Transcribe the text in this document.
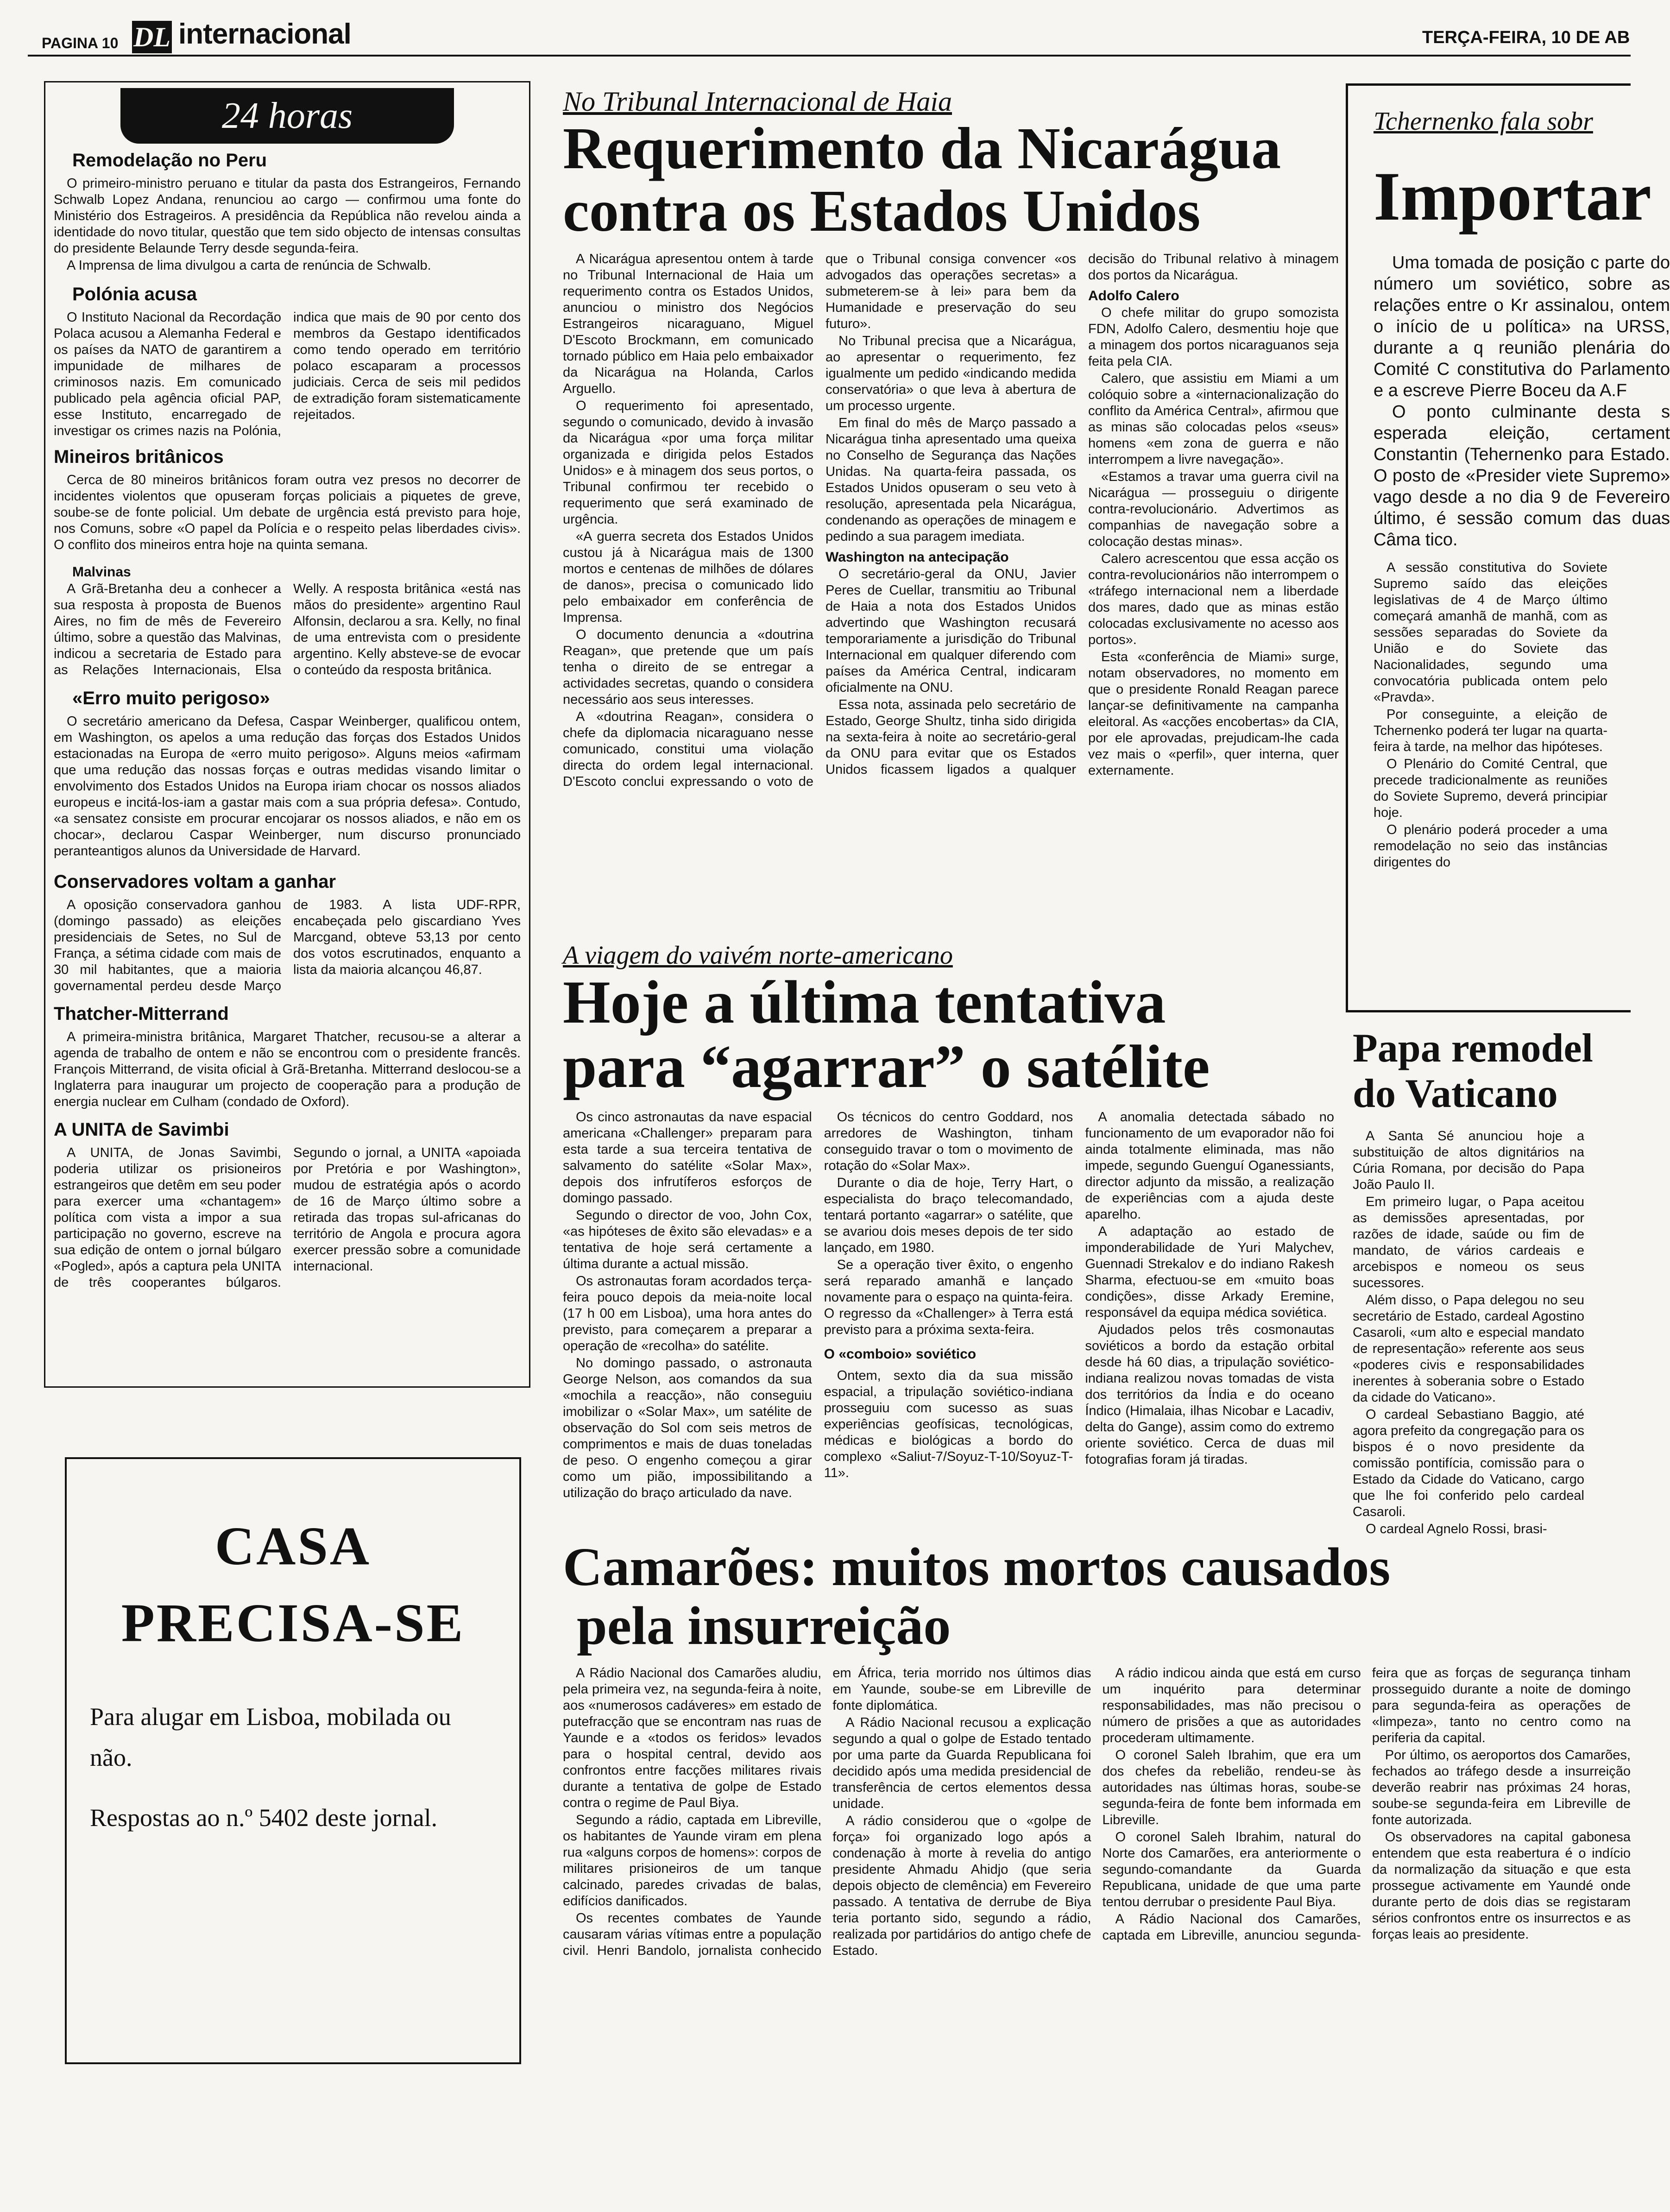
PAGINA 10 DL internacional	TERÇA-FEIRA, 10 DE AB
24 horas
Remodelação no Peru

O primeiro-ministro peruano e titular da pasta dos Estrangeiros, Fernando Schwalb Lopez Andana, renunciou ao cargo — confirmou uma fonte do Ministério dos Estrageiros. A presidência da República não revelou ainda a identidade do novo titular, questão que tem sido objecto de intensas consultas do presidente Belaunde Terry desde segunda-feira.

A Imprensa de lima divulgou a carta de renúncia de Schwalb.

Polónia acusa

O Instituto Nacional da Recordação Polaca acusou a Alemanha Federal e os países da NATO de garantirem a impunidade de milhares de criminosos nazis. Em comunicado publicado pela agência oficial PAP, esse Instituto, encarregado de investigar os crimes nazis na Polónia, indica que mais de 90 por cento dos membros da Gestapo identificados como tendo operado em território polaco escaparam a processos judiciais. Cerca de seis mil pedidos de extradição foram sistematicamente rejeitados.

Mineiros britânicos

Cerca de 80 mineiros britânicos foram outra vez presos no decorrer de incidentes violentos que opuseram forças policiais a piquetes de greve, soube-se de fonte policial. Um debate de urgência está previsto para hoje, nos Comuns, sobre «O papel da Polícia e o respeito pelas liberdades civis». O conflito dos mineiros entra hoje na quinta semana.

Malvinas

A Grã-Bretanha deu a conhecer a sua resposta à proposta de Buenos Aires, no fim de mês de Fevereiro último, sobre a questão das Malvinas, indicou a secretaria de Estado para as Relações Internacionais, Elsa Welly. A resposta britânica «está nas mãos do presidente» argentino Raul Alfonsin, declarou a sra. Kelly, no final de uma entrevista com o presidente argentino. Kelly absteve-se de evocar o conteúdo da resposta britânica.

«Erro muito perigoso»

O secretário americano da Defesa, Caspar Weinberger, qualificou ontem, em Washington, os apelos a uma redução das forças dos Estados Unidos estacionadas na Europa de «erro muito perigoso». Alguns meios «afirmam que uma redução das nossas forças e outras medidas visando limitar o envolvimento dos Estados Unidos na Europa iriam chocar os nossos aliados europeus e incitá-los-iam a gastar mais com a sua própria defesa». Contudo, «a sensatez consiste em procurar encojarar os nossos aliados, e não em os chocar», declarou Caspar Weinberger, num discurso pronunciado peranteantigos alunos da Universidade de Harvard.

Conservadores voltam a ganhar

A oposição conservadora ganhou (domingo passado) as eleições presidenciais de Setes, no Sul de França, a sétima cidade com mais de 30 mil habitantes, que a maioria governamental perdeu desde Março de 1983. A lista UDF-RPR, encabeçada pelo giscardiano Yves Marcgand, obteve 53,13 por cento dos votos escrutinados, enquanto a lista da maioria alcançou 46,87.

Thatcher-Mitterrand

A primeira-ministra britânica, Margaret Thatcher, recusou-se a alterar a agenda de trabalho de ontem e não se encontrou com o presidente francês. François Mitterrand, de visita oficial à Grã-Bretanha. Mitterrand deslocou-se a Inglaterra para inaugurar um projecto de cooperação para a produção de energia nuclear em Culham (condado de Oxford).

A UNITA de Savimbi

A UNITA, de Jonas Savimbi, poderia utilizar os prisioneiros estrangeiros que detêm em seu poder para exercer uma «chantagem» política com vista a impor a sua participação no governo, escreve na sua edição de ontem o jornal búlgaro «Pogled», após a captura pela UNITA de três cooperantes búlgaros. Segundo o jornal, a UNITA «apoiada por Pretória e por Washington», mudou de estratégia após o acordo de 16 de Março último sobre a retirada das tropas sul-africanas do território de Angola e procura agora exercer pressão sobre a comunidade internacional.

CASA
PRECISA-SE
Para alugar em Lisboa, mobilada ou não.
Respostas ao n.º 5402 deste jornal.
No Tribunal Internacional de Haia
Requerimento da Nicarágua
contra os Estados Unidos

A Nicarágua apresentou ontem à tarde no Tribunal Internacional de Haia um requerimento contra os Estados Unidos, anunciou o ministro dos Negócios Estrangeiros nicaraguano, Miguel D'Escoto Brockmann, em comunicado tornado público em Haia pelo embaixador da Nicarágua na Holanda, Carlos Arguello.

O requerimento foi apresentado, segundo o comunicado, devido à invasão da Nicarágua «por uma força militar organizada e dirigida pelos Estados Unidos» e à minagem dos seus portos, o Tribunal confirmou ter recebido o requerimento que será examinado de urgência.

«A guerra secreta dos Estados Unidos custou já à Nicarágua mais de 1300 mortos e centenas de milhões de dólares de danos», precisa o comunicado lido pelo embaixador em conferência de Imprensa.

O documento denuncia a «doutrina Reagan», que pretende que um país tenha o direito de se entregar a actividades secretas, quando o considera necessário aos seus interesses.

A «doutrina Reagan», considera o chefe da diplomacia nicaraguano nesse comunicado, constitui uma violação directa do ordem legal internacional. D'Escoto conclui expressando o voto de que o Tribunal consiga convencer «os advogados das operações secretas» a submeterem-se à lei» para bem da Humanidade e preservação do seu futuro».

No Tribunal precisa que a Nicarágua, ao apresentar o requerimento, fez igualmente um pedido «indicando medida conservatória» o que leva à abertura de um processo urgente.

Em final do mês de Março passado a Nicarágua tinha apresentado uma queixa no Conselho de Segurança das Nações Unidas. Na quarta-feira passada, os Estados Unidos opuseram o seu veto à resolução, apresentada pela Nicarágua, condenando as operações de minagem e pedindo a sua paragem imediata.

Washington na antecipação

O secretário-geral da ONU, Javier Peres de Cuellar, transmitiu ao Tribunal de Haia a nota dos Estados Unidos advertindo que Washington recusará temporariamente a jurisdição do Tribunal Internacional em qualquer diferendo com países da América Central, indicaram oficialmente na ONU.

Essa nota, assinada pelo secretário de Estado, George Shultz, tinha sido dirigida na sexta-feira à noite ao secretário-geral da ONU para evitar que os Estados Unidos ficassem ligados a qualquer decisão do Tribunal relativo à minagem dos portos da Nicarágua.

Adolfo Calero

O chefe militar do grupo somozista FDN, Adolfo Calero, desmentiu hoje que a minagem dos portos nicaraguanos seja feita pela CIA.

Calero, que assistiu em Miami a um colóquio sobre a «internacionalização do conflito da América Central», afirmou que as minas são colocadas pelos «seus» homens «em zona de guerra e não interrompem a livre navegação».

«Estamos a travar uma guerra civil na Nicarágua — prosseguiu o dirigente contra-revolucionário. Advertimos as companhias de navegação sobre a colocação destas minas».

Calero acrescentou que essa acção os contra-revolucionários não interrompem o «tráfego internacional nem a liberdade dos mares, dado que as minas estão colocadas exclusivamente no acesso aos portos».

Esta «conferência de Miami» surge, notam observadores, no momento em que o presidente Ronald Reagan parece lançar-se definitivamente na campanha eleitoral. As «acções encobertas» da CIA, por ele aprovadas, prejudicam-lhe cada vez mais o «perfil», quer interna, quer externamente.

Tchernenko fala sobr
Importar

Uma tomada de posição c parte do número um soviético, sobre as relações entre o Kr assinalou, ontem o início de u política» na URSS, durante a q reunião plenária do Comité C constitutiva do Parlamento e a escreve Pierre Boceu da A.F

O ponto culminante desta s esperada eleição, certament Constantin (Tehernenko para Estado. O posto de «Presider viete Supremo» vago desde a no dia 9 de Fevereiro último, é sessão comum das duas Câma tico.

A sessão constitutiva do Soviete Supremo saído das eleições legislativas de 4 de Março último começará amanhã de manhã, com as sessões separadas do Soviete da União e do Soviete das Nacionalidades, segundo uma convocatória publicada ontem pelo «Pravda».

Por conseguinte, a eleição de Tchernenko poderá ter lugar na quarta-feira à tarde, na melhor das hipóteses.

O Plenário do Comité Central, que precede tradicionalmente as reuniões do Soviete Supremo, deverá principiar hoje.

O plenário poderá proceder a uma remodelação no seio das instâncias dirigentes do

A viagem do vaivém norte-americano
Hoje a última tentativa
para “agarrar” o satélite

Os cinco astronautas da nave espacial americana «Challenger» preparam para esta tarde a sua terceira tentativa de salvamento do satélite «Solar Max», depois dos infrutíferos esforços de domingo passado.

Segundo o director de voo, John Cox, «as hipóteses de êxito são elevadas» e a tentativa de hoje será certamente a última durante a actual missão.

Os astronautas foram acordados terça-feira pouco depois da meia-noite local (17 h 00 em Lisboa), uma hora antes do previsto, para começarem a preparar a operação de «recolha» do satélite.

No domingo passado, o astronauta George Nelson, aos comandos da sua «mochila a reacção», não conseguiu imobilizar o «Solar Max», um satélite de observação do Sol com seis metros de comprimentos e mais de duas toneladas de peso. O engenho começou a girar como um pião, impossibilitando a utilização do braço articulado da nave.

Os técnicos do centro Goddard, nos arredores de Washington, tinham conseguido travar o tom o movimento de rotação do «Solar Max».

Durante o dia de hoje, Terry Hart, o especialista do braço telecomandado, tentará portanto «agarrar» o satélite, que se avariou dois meses depois de ter sido lançado, em 1980.

Se a operação tiver êxito, o engenho será reparado amanhã e lançado novamente para o espaço na quinta-feira. O regresso da «Challenger» à Terra está previsto para a próxima sexta-feira.

O «comboio» soviético

Ontem, sexto dia da sua missão espacial, a tripulação soviético-indiana prosseguiu com sucesso as suas experiências geofísicas, tecnológicas, médicas e biológicas a bordo do complexo «Saliut-7/Soyuz-T-10/Soyuz-T-11».

A anomalia detectada sábado no funcionamento de um evaporador não foi ainda totalmente eliminada, mas não impede, segundo Guenguí Oganessiants, director adjunto da missão, a realização de experiências com a ajuda deste aparelho.

A adaptação ao estado de imponderabilidade de Yuri Malychev, Guennadi Strekalov e do indiano Rakesh Sharma, efectuou-se em «muito boas condições», disse Arkady Eremine, responsável da equipa médica soviética.

Ajudados pelos três cosmonautas soviéticos a bordo da estação orbital desde há 60 dias, a tripulação soviético-indiana realizou novas tomadas de vista dos territórios da Índia e do oceano Índico (Himalaia, ilhas Nicobar e Lacadiv, delta do Gange), assim como do extremo oriente soviético. Cerca de duas mil fotografias foram já tiradas.

Papa remodel
do Vaticano

A Santa Sé anunciou hoje a substituição de altos dignitários na Cúria Romana, por decisão do Papa João Paulo II.

Em primeiro lugar, o Papa aceitou as demissões apresentadas, por razões de idade, saúde ou fim de mandato, de vários cardeais e arcebispos e nomeou os seus sucessores.

Além disso, o Papa delegou no seu secretário de Estado, cardeal Agostino Casaroli, «um alto e especial mandato de representação» referente aos seus «poderes civis e responsabilidades inerentes à soberania sobre o Estado da cidade do Vaticano».

O cardeal Sebastiano Baggio, até agora prefeito da congregação para os bispos é o novo presidente da comissão pontifícia, comissão para o Estado da Cidade do Vaticano, cargo que lhe foi conferido pelo cardeal Casaroli.

O cardeal Agnelo Rossi, brasi-

Camarões: muitos mortos causados
pela insurreição

A Rádio Nacional dos Camarões aludiu, pela primeira vez, na segunda-feira à noite, aos «numerosos cadáveres» em estado de putefracção que se encontram nas ruas de Yaunde e a «todos os feridos» levados para o hospital central, devido aos confrontos entre facções militares rivais durante a tentativa de golpe de Estado contra o regime de Paul Biya.

Segundo a rádio, captada em Libreville, os habitantes de Yaunde viram em plena rua «alguns corpos de homens»: corpos de militares prisioneiros de um tanque calcinado, paredes crivadas de balas, edifícios danificados.

Os recentes combates de Yaunde causaram várias vítimas entre a população civil. Henri Bandolo, jornalista conhecido em África, teria morrido nos últimos dias em Yaunde, soube-se em Libreville de fonte diplomática.

A Rádio Nacional recusou a explicação segundo a qual o golpe de Estado tentado por uma parte da Guarda Republicana foi decidido após uma medida presidencial de transferência de certos elementos dessa unidade.

A rádio considerou que o «golpe de força» foi organizado logo após a condenação à morte à revelia do antigo presidente Ahmadu Ahidjo (que seria depois objecto de clemência) em Fevereiro passado. A tentativa de derrube de Biya teria portanto sido, segundo a rádio, realizada por partidários do antigo chefe de Estado.

A rádio indicou ainda que está em curso um inquérito para determinar responsabilidades, mas não precisou o número de prisões a que as autoridades procederam ultimamente.

O coronel Saleh Ibrahim, que era um dos chefes da rebelião, rendeu-se às autoridades nas últimas horas, soube-se segunda-feira de fonte bem informada em Libreville.

O coronel Saleh Ibrahim, natural do Norte dos Camarões, era anteriormente o segundo-comandante da Guarda Republicana, unidade de que uma parte tentou derrubar o presidente Paul Biya.

A Rádio Nacional dos Camarões, captada em Libreville, anunciou segunda-feira que as forças de segurança tinham prosseguido durante a noite de domingo para segunda-feira as operações de «limpeza», tanto no centro como na periferia da capital.

Por último, os aeroportos dos Camarões, fechados ao tráfego desde a insurreição deverão reabrir nas próximas 24 horas, soube-se segunda-feira em Libreville de fonte autorizada.

Os observadores na capital gabonesa entendem que esta reabertura é o indício da normalização da situação e que esta prossegue activamente em Yaundé onde durante perto de dois dias se registaram sérios confrontos entre os insurrectos e as forças leais ao presidente.
